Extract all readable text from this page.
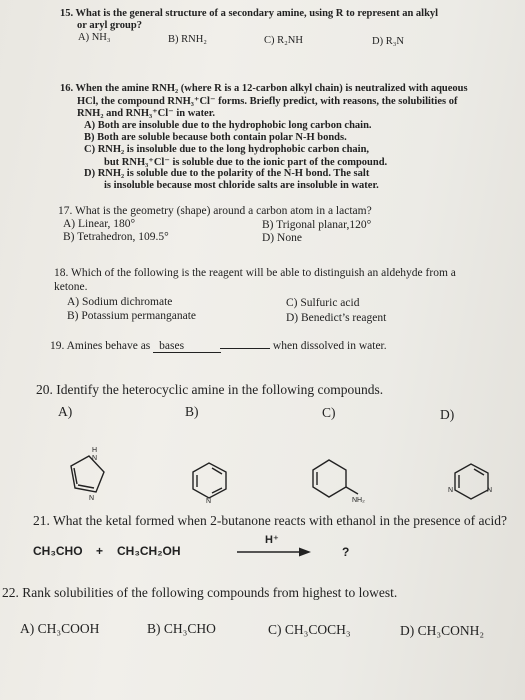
15. What is the general structure of a secondary amine, using R to represent an alkyl
or aryl group?
A) NH₃	B) RNH₂	C) R₂NH	D) R₃N
16. When the amine RNH₂ (where R is a 12-carbon alkyl chain) is neutralized with aqueous
HCl, the compound RNH₃⁺Cl⁻ forms. Briefly predict, with reasons, the solubilities of
RNH₂ and RNH₃⁺Cl⁻ in water.
A) Both are insoluble due to the hydrophobic long carbon chain.
B) Both are soluble because both contain polar N-H bonds.
C) RNH₂ is insoluble due to the long hydrophobic carbon chain,
but RNH₃⁺Cl⁻ is soluble due to the ionic part of the compound.
D) RNH₂ is soluble due to the polarity of the N-H bond. The salt
is insoluble because most chloride salts are insoluble in water.
17. What is the geometry (shape) around a carbon atom in a lactam?
A) Linear, 180°	B) Trigonal planar,120°
B) Tetrahedron, 109.5°	D) None
18. Which of the following is the reagent will be able to distinguish an aldehyde from a
ketone.
A) Sodium dichromate	C) Sulfuric acid
B) Potassium permanganate	D) Benedict’s reagent
19. Amines behave as bases	when dissolved in water.
20. Identify the heterocyclic amine in the following compounds.
A)	B)	C)	D)
H
N
N	N	NH₂
N	N
21. What the ketal formed when 2-butanone reacts with ethanol in the presence of acid?
CH₃CHO + CH₃CH₂OH
H⁺
?
22. Rank solubilities of the following compounds from highest to lowest.
A) CH₃COOH	B) CH₃CHO	C) CH₃COCH₃	D) CH₃CONH₂
